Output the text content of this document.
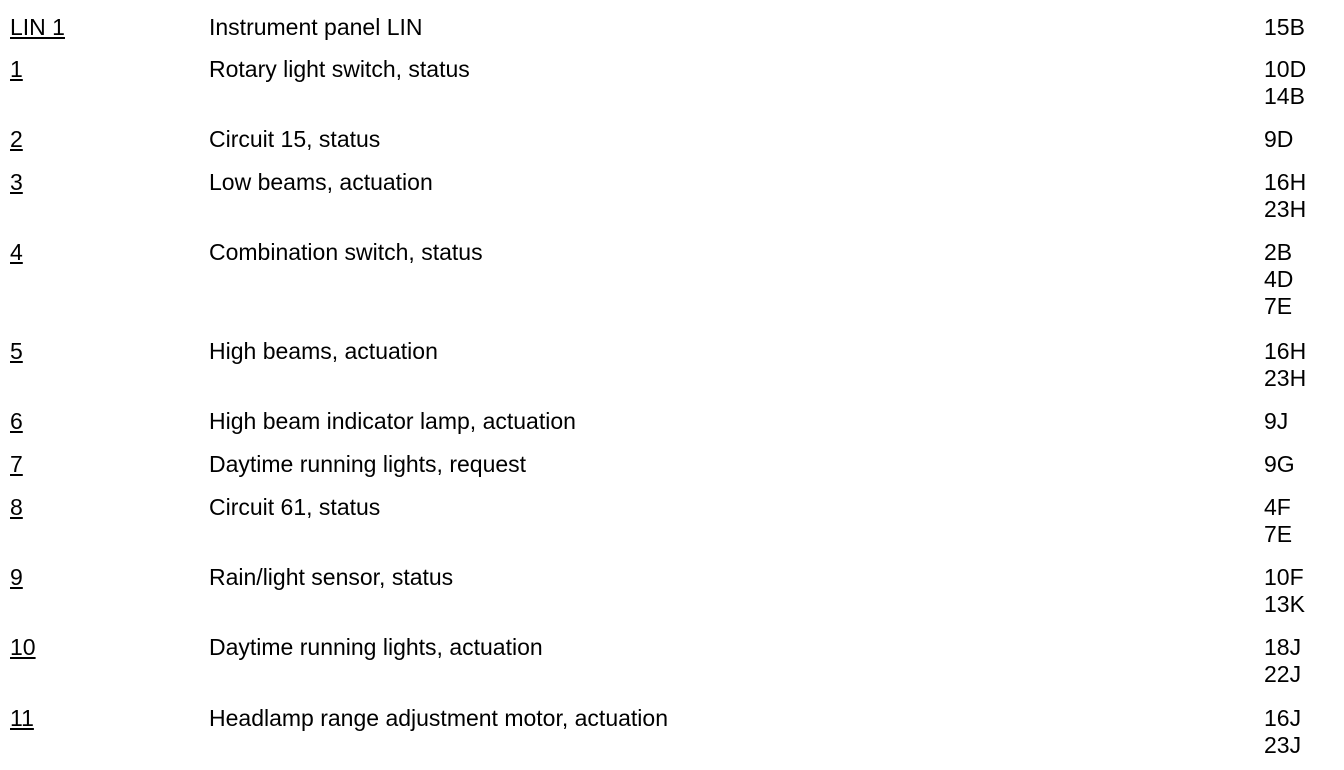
LIN 1	Instrument panel LIN	15B
1	Rotary light switch, status	10D
14B
2	Circuit 15, status	9D
3	Low beams, actuation	16H
23H
4	Combination switch, status	2B
4D
7E
5	High beams, actuation	16H
23H
6	High beam indicator lamp, actuation	9J
7	Daytime running lights, request	9G
8	Circuit 61, status	4F
7E
9	Rain/light sensor, status	10F
13K
10	Daytime running lights, actuation	18J
22J
11	Headlamp range adjustment motor, actuation	16J
23J
